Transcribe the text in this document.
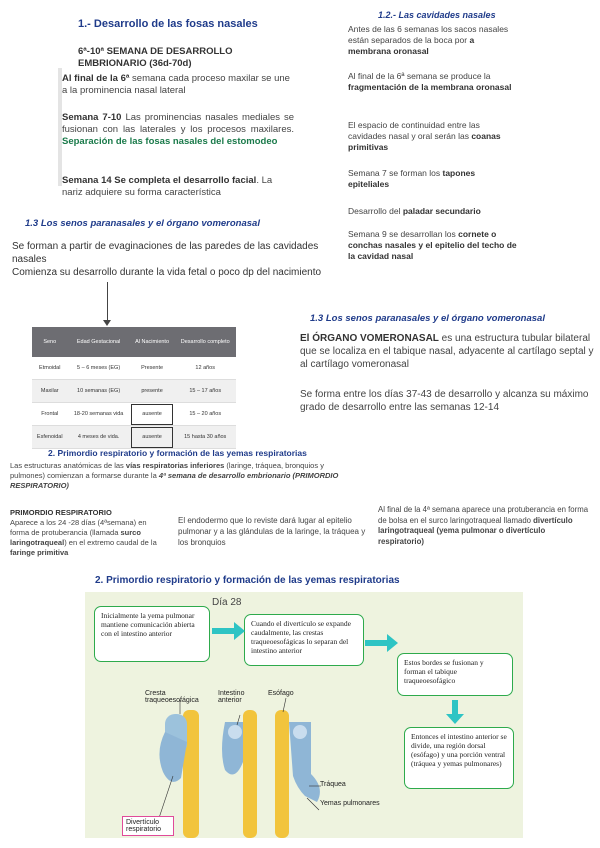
1.- Desarrollo de las fosas nasales
6ª-10ª SEMANA DE DESARROLLO
EMBRIONARIO (36d-70d)
Al final de la 6ª semana cada proceso maxilar se une a la prominencia nasal lateral
Semana 7-10 Las prominencias nasales mediales se fusionan con las laterales y los procesos maxilares. Separación de las fosas nasales del estomodeo
Semana 14 Se completa el desarrollo facial. La nariz adquiere su forma característica
1.2.- Las cavidades nasales
Antes de las 6 semanas los sacos nasales están separados de la boca por a membrana oronasal
Al final de la 6ª semana se produce la fragmentación de la membrana oronasal
El espacio de continuidad entre las cavidades nasal y oral serán las coanas primitivas
Semana 7 se forman los tapones epiteliales
Desarrollo del paladar secundario
Semana 9 se desarrollan los cornete o conchas nasales y el epitelio del techo de la cavidad nasal
1.3 Los senos paranasales y el órgano vomeronasal
Se forman a partir de evaginaciones de las paredes de las cavidades nasales
Comienza su desarrollo durante la vida fetal o poco dp del nacimiento
Seno	Edad Gestacional	Al Nacimiento	Desarrollo completo
Etmoidal	5 – 6 meses (EG)	Presente	12 años
Maxilar	10 semanas (EG)	presente	15 – 17 años
Frontal	18-20 semanas vida	ausente	15 – 20 años
Esfenoidal	4 meses de vida.	ausente	15 hasta 30 años
1.3 Los senos paranasales y el órgano vomeronasal
El ÓRGANO VOMERONASAL es una estructura tubular bilateral que se localiza en el tabique nasal, adyacente al cartílago septal y al cartílago vomeronasal
Se forma entre los días 37-43 de desarrollo y alcanza su máximo grado de desarrollo entre las semanas 12-14
2. Primordio respiratorio y formación de las yemas respiratorias
Las estructuras anatómicas de las vías respiratorias inferiores (laringe, tráquea, bronquios y pulmones) comienzan a formarse durante la 4ª semana de desarrollo embrionario (PRIMORDIO RESPIRATORIO)
PRIMORDIO RESPIRATORIO
Aparece a los 24 -28 días (4ªsemana) en forma de protuberancia (llamada surco laringotraqueal) en el extremo caudal de la faringe primitiva
El endodermo que lo reviste dará lugar al epitelio pulmonar y a las glándulas de la laringe, la tráquea y los bronquios
Al final de la 4ª semana aparece una protuberancia en forma de bolsa en el surco laringotraqueal llamado divertículo laringotraqueal (yema pulmonar o divertículo respiratorio)
2. Primordio respiratorio y formación de las yemas respiratorias
Día 28
Inicialmente la yema pulmonar mantiene comunicación abierta con el intestino anterior
Cuando el divertículo se expande caudalmente, las crestas traqueoesofágicas lo separan del intestino anterior
Estos bordes se fusionan y forman el tabique traqueoesofágico
Entonces el intestino anterior se divide, una región dorsal (esófago) y una porción ventral (tráquea y yemas pulmonares)
Cresta traqueoesofágica
Intestino anterior
Esófago
Tráquea
Yemas pulmonares
Divertículo respiratorio
